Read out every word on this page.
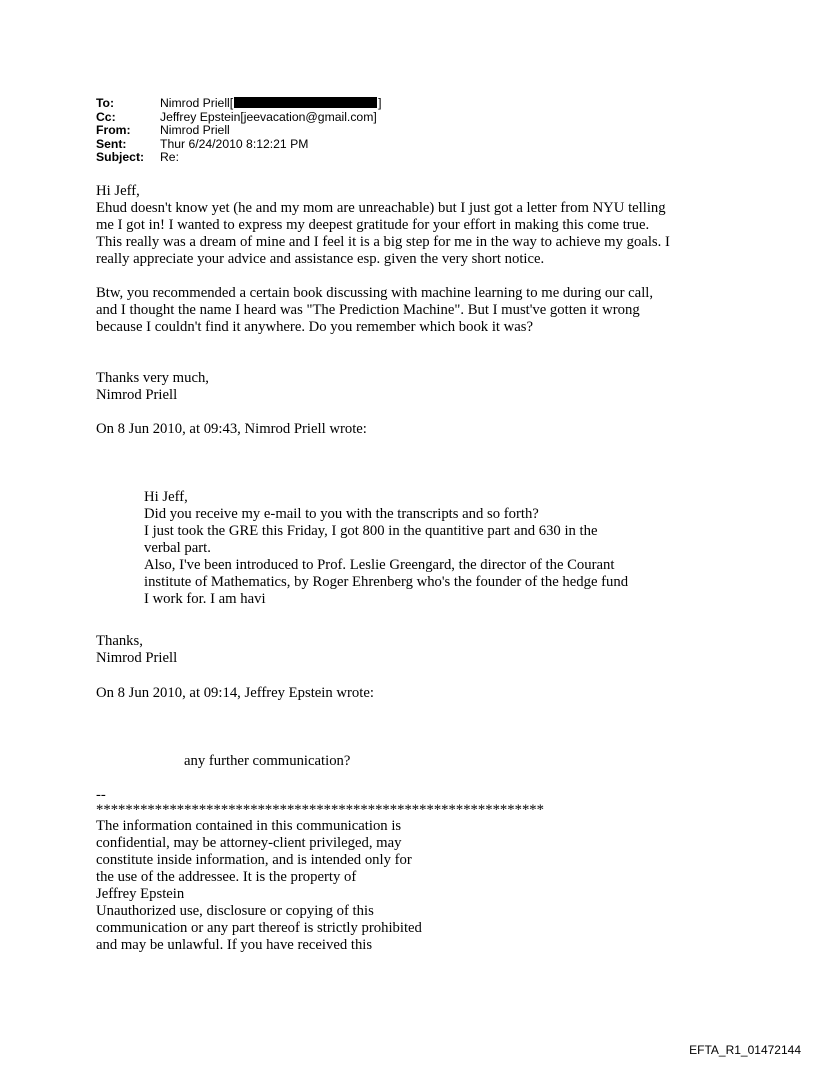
To:	Nimrod Priell[	]
Cc:	Jeffrey Epstein[jeevacation@gmail.com]
From:	Nimrod Priell
Sent:	Thur 6/24/2010 8:12:21 PM
Subject:	Re:

Hi Jeff,

Ehud doesn't know yet (he and my mom are unreachable) but I just got a letter from NYU telling

me I got in! I wanted to express my deepest gratitude for your effort in making this come true.

This really was a dream of mine and I feel it is a big step for me in the way to achieve my goals. I

really appreciate your advice and assistance esp. given the very short notice.

Btw, you recommended a certain book discussing with machine learning to me during our call,

and I thought the name I heard was "The Prediction Machine". But I must've gotten it wrong

because I couldn't find it anywhere. Do you remember which book it was?

Thanks very much,

Nimrod Priell

On 8 Jun 2010, at 09:43, Nimrod Priell wrote:

Hi Jeff,

Did you receive my e-mail to you with the transcripts and so forth?

I just took the GRE this Friday, I got 800 in the quantitive part and 630 in the

verbal part.

Also, I've been introduced to Prof. Leslie Greengard, the director of the Courant

institute of Mathematics, by Roger Ehrenberg who's the founder of the hedge fund

I work for. I am havi

Thanks,

Nimrod Priell

On 8 Jun 2010, at 09:14, Jeffrey Epstein wrote:

any further communication?

--

*************************************************************

The information contained in this communication is

confidential, may be attorney-client privileged, may

constitute inside information, and is intended only for

the use of the addressee. It is the property of

Jeffrey Epstein

Unauthorized use, disclosure or copying of this

communication or any part thereof is strictly prohibited

and may be unlawful. If you have received this

EFTA_R1_01472144
